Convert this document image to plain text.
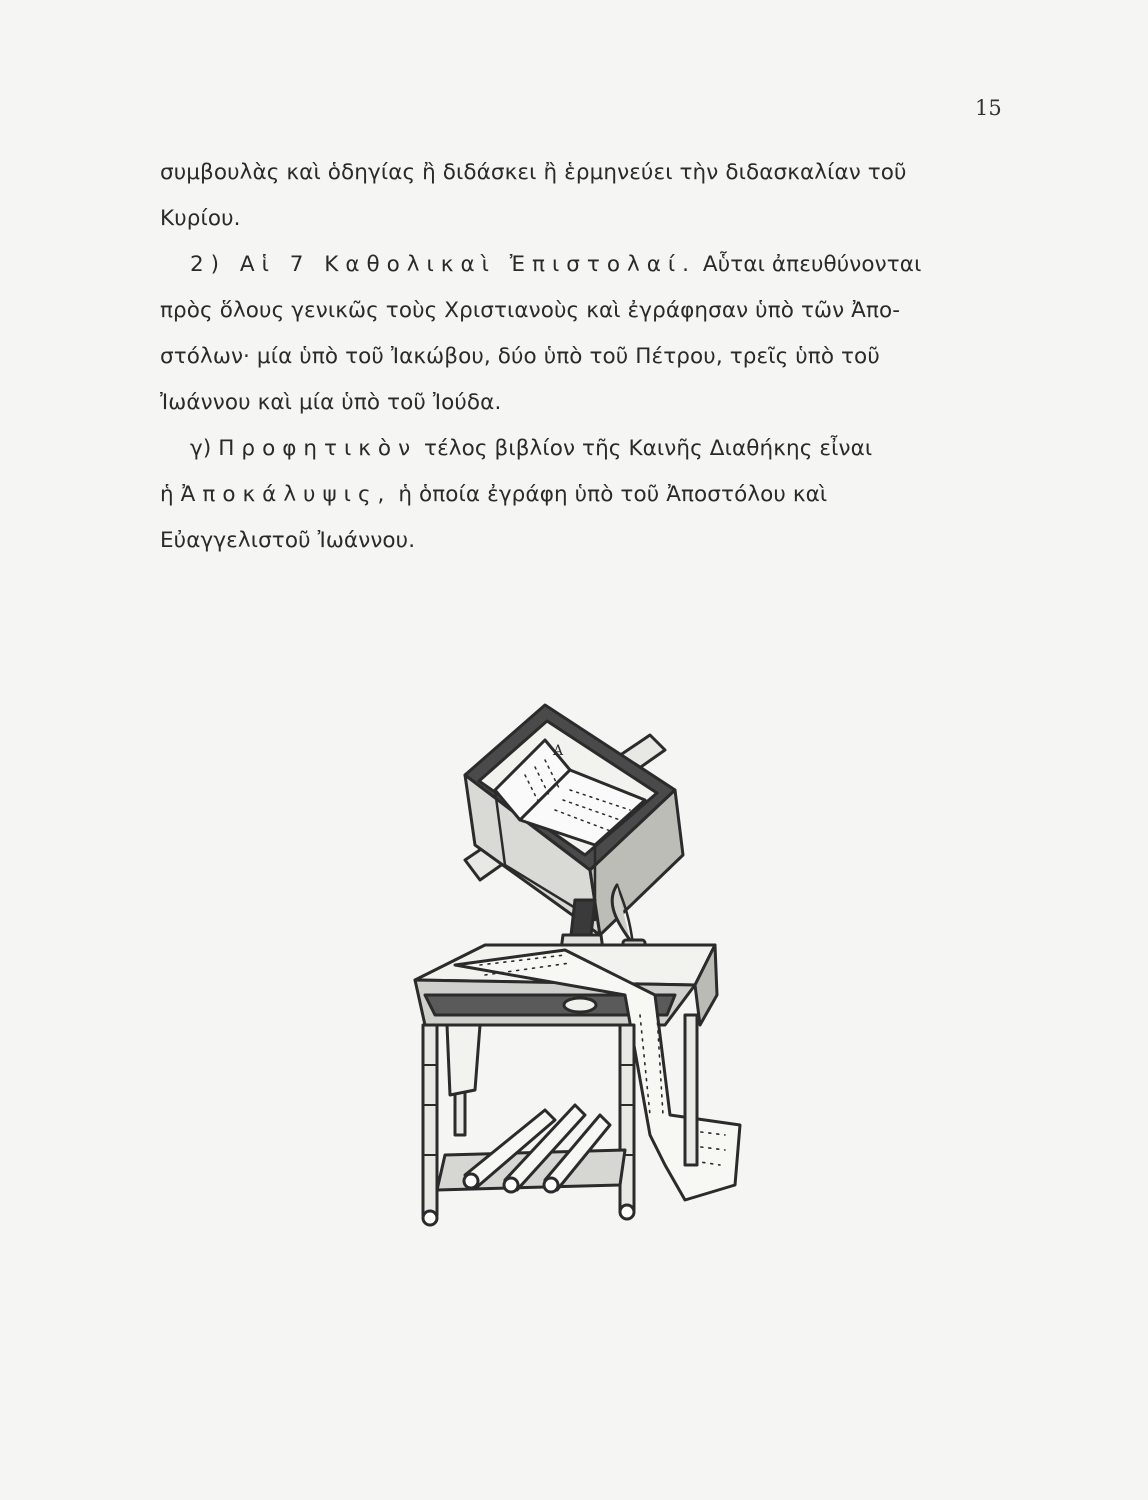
15
συμβουλὰς καὶ ὁδηγίας ἢ διδάσκει ἢ ἑρμηνεύει τὴν διδασκαλίαν τοῦ
Κυρίου.
2) Αἱ 7 Καθολικαὶ Ἐπιστολαί. Αὗται ἀπευθύνονται
πρὸς ὅλους γενικῶς τοὺς Χριστιανοὺς καὶ ἐγράφησαν ὑπὸ τῶν Ἀπο-
στόλων· μία ὑπὸ τοῦ Ἰακώβου, δύο ὑπὸ τοῦ Πέτρου, τρεῖς ὑπὸ τοῦ
Ἰωάννου καὶ μία ὑπὸ τοῦ Ἰούδα.
γ) Προφητικὸν τέλος βιβλίον τῆς Καινῆς Διαθήκης εἶναι
ἡ Ἀποκάλυψις, ἡ ὁποία ἐγράφη ὑπὸ τοῦ Ἀποστόλου καὶ
Εὐαγγελιστοῦ Ἰωάννου.
Α
